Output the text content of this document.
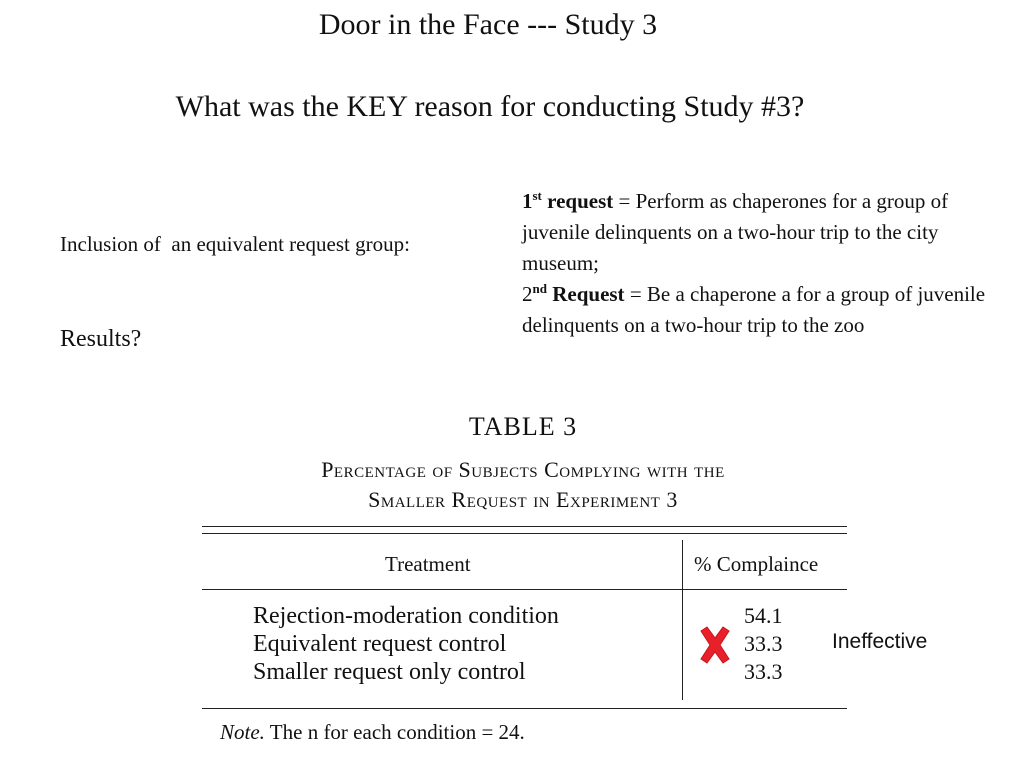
Door in the Face --- Study 3
What was the KEY reason for conducting Study #3?
Inclusion of  an equivalent request group:
Results?
1st request = Perform as chaperones for a group of  juvenile delinquents on a two-hour trip to the city museum;
2nd Request = Be a chaperone a for a group of juvenile delinquents on a two-hour trip to the zoo
TABLE 3
Percentage of Subjects Complying with the
Smaller Request in Experiment 3
Treatment	% Complaince
Rejection-moderation condition
Equivalent request control
Smaller request only control
54.1
33.3
33.3
Note. The n for each condition = 24.
Ineffective
